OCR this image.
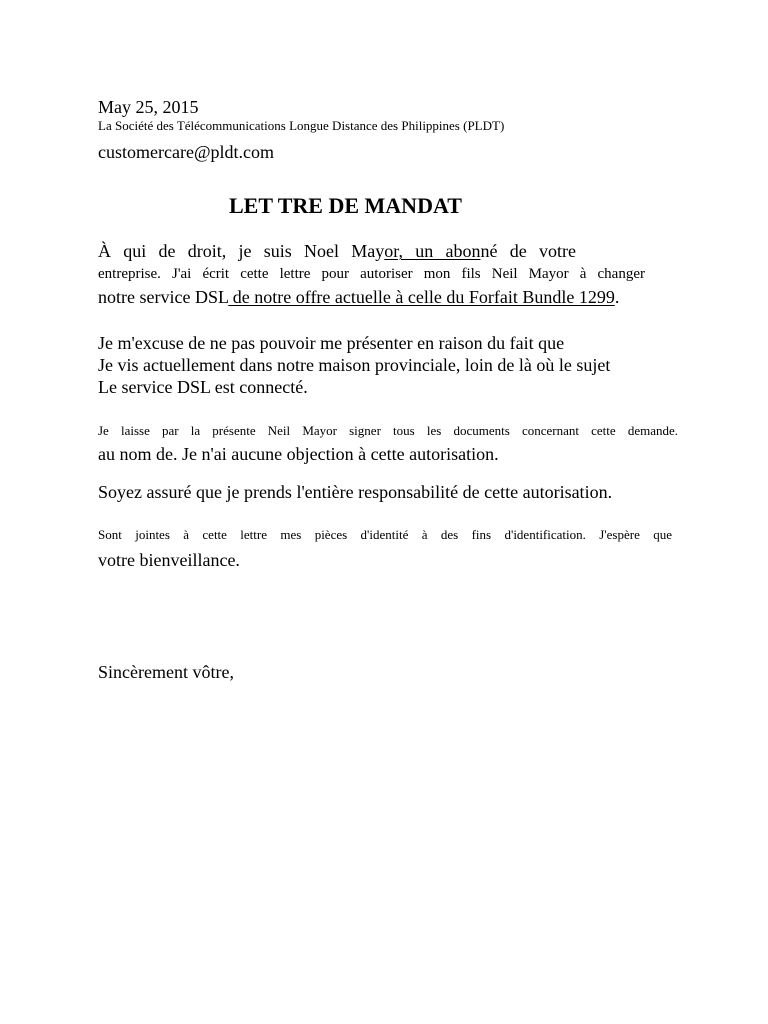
May 25, 2015
La Société des Télécommunications Longue Distance des Philippines (PLDT)
customercare@pldt.com
LET TRE DE MANDAT
À qui de droit, je suis Noel Mayor, un abonné de votre
entreprise. J'ai écrit cette lettre pour autoriser mon fils Neil Mayor à changer
notre service DSL de notre offre actuelle à celle du Forfait Bundle 1299.
Je m'excuse de ne pas pouvoir me présenter en raison du fait que
Je vis actuellement dans notre maison provinciale, loin de là où le sujet
Le service DSL est connecté.
Je laisse par la présente Neil Mayor signer tous les documents concernant cette demande.
au nom de. Je n'ai aucune objection à cette autorisation.
Soyez assuré que je prends l'entière responsabilité de cette autorisation.
Sont jointes à cette lettre mes pièces d'identité à des fins d'identification. J'espère que
votre bienveillance.
Sincèrement vôtre,
